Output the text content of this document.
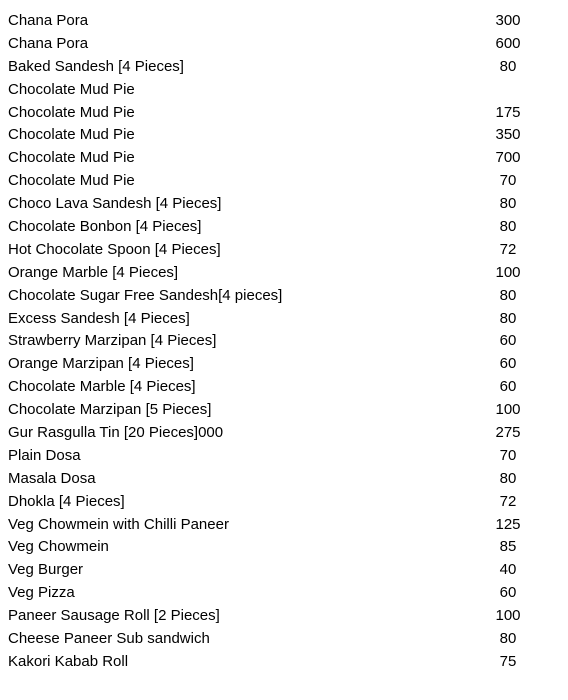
Chana Pora	300
Chana Pora	600
Baked Sandesh [4 Pieces]	80
Chocolate Mud Pie
Chocolate Mud Pie	175
Chocolate Mud Pie	350
Chocolate Mud Pie	700
Chocolate Mud Pie	70
Choco Lava Sandesh [4 Pieces]	80
Chocolate Bonbon [4 Pieces]	80
Hot Chocolate Spoon [4 Pieces]	72
Orange Marble [4 Pieces]	100
Chocolate Sugar Free Sandesh[4 pieces]	80
Excess Sandesh [4 Pieces]	80
Strawberry Marzipan [4 Pieces]	60
Orange Marzipan [4 Pieces]	60
Chocolate Marble [4 Pieces]	60
Chocolate Marzipan [5 Pieces]	100
Gur Rasgulla Tin [20 Pieces]000	275
Plain Dosa	70
Masala Dosa	80
Dhokla [4 Pieces]	72
Veg Chowmein with Chilli Paneer	125
Veg Chowmein	85
Veg Burger	40
Veg Pizza	60
Paneer Sausage Roll [2 Pieces]	100
Cheese Paneer Sub sandwich	80
Kakori Kabab Roll	75
